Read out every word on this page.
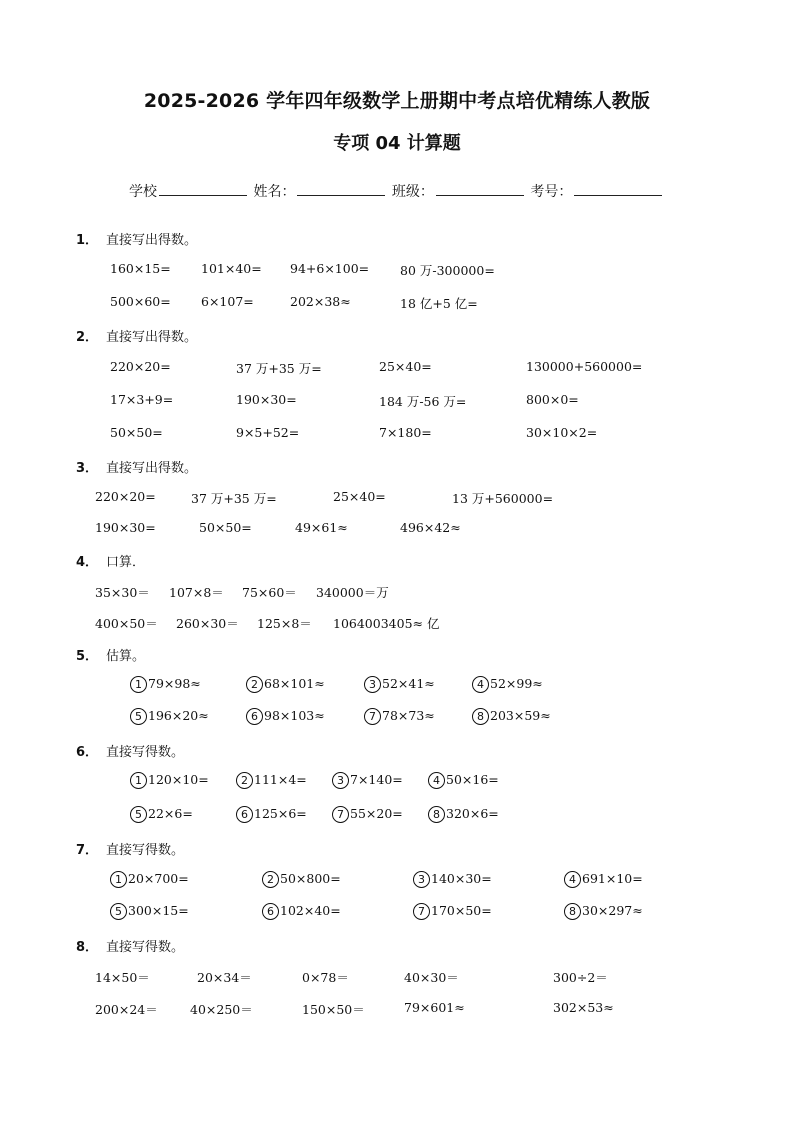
2025-2026 学年四年级数学上册期中考点培优精练人教版
专项 04 计算题
学校	姓名：	班级：	考号：
1． 直接写出得数。
160×15= 101×40= 94+6×100= 80 万-300000=
500×60= 6×107=	202×38≈	18 亿+5 亿=
2． 直接写出得数。
220×20=	37 万+35 万=	25×40=	130000+560000=
17×3+9=	190×30=	184 万-56 万=	800×0=
50×50=	9×5+52=	7×180=	30×10×2=
3． 直接写出得数。
220×20=	37 万+35 万=	25×40=	13 万+560000=
190×30=	50×50=	49×61≈	496×42≈
4． 口算．
35×30＝ 107×8＝ 75×60＝ 340000＝万
400×50＝ 260×30＝ 125×8＝ 1064003405≈ 亿
5． 估算。
1 79×98≈	2 68×101≈	3 52×41≈	4 52×99≈
5 196×20≈	6 98×103≈	7 78×73≈	8 203×59≈
6． 直接写得数。
1 120×10=	2 111×4=	3 7×140=	4 50×16=
5 22×6=	6 125×6=	7 55×20=	8 320×6=
7． 直接写得数。
1 20×700=	2 50×800=	3 140×30=	4 691×10=
5 300×15=	6 102×40=	7 170×50=	8 30×297≈
8． 直接写得数。
14×50＝	20×34＝	0×78＝	40×30＝	300÷2＝
200×24＝	40×250＝	150×50＝	79×601≈	302×53≈
